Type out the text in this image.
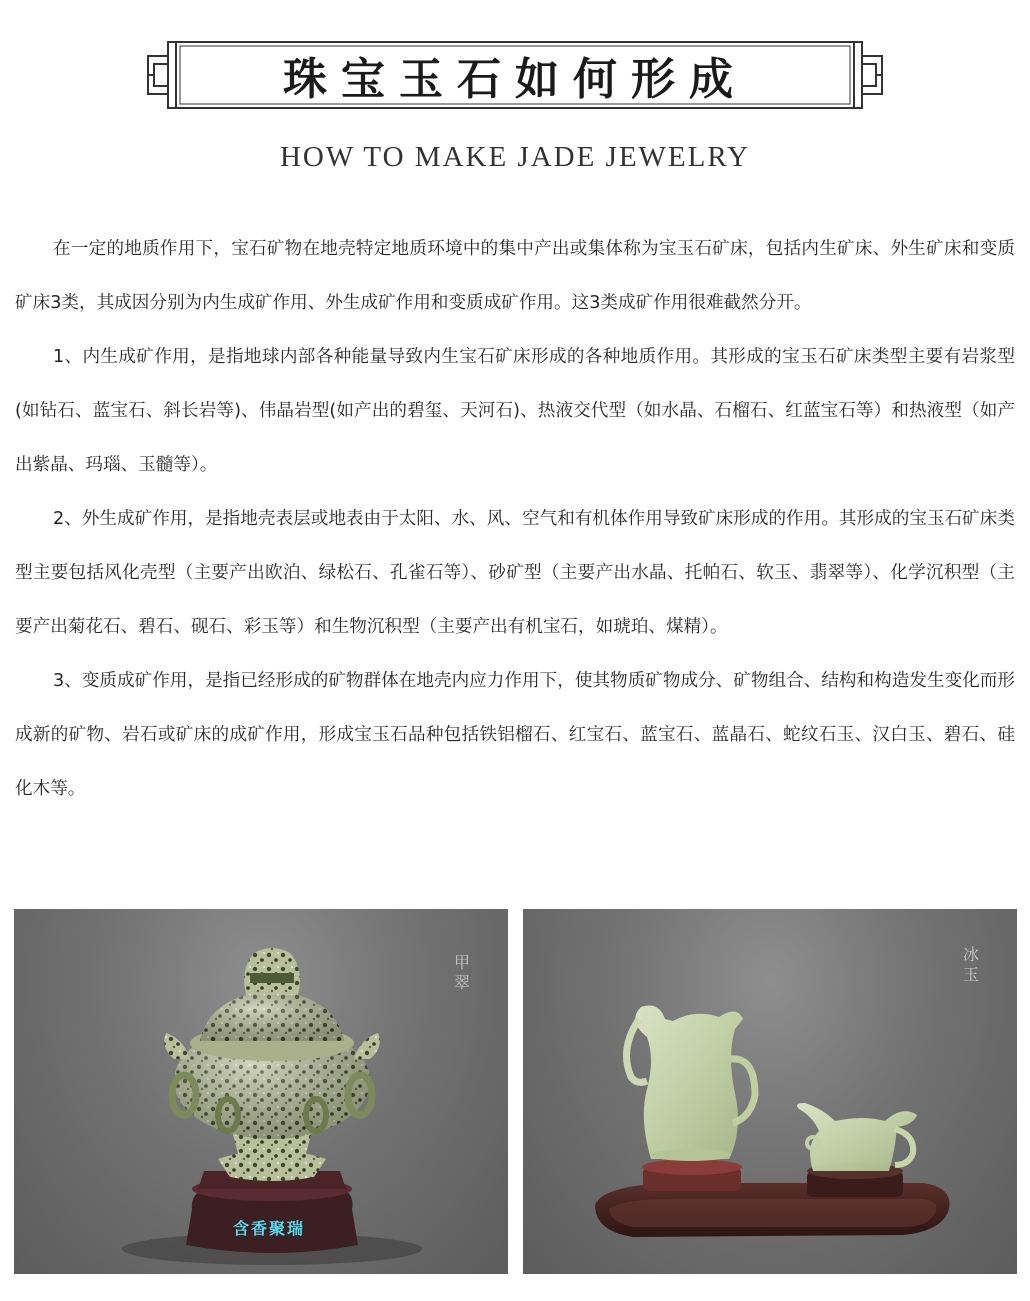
珠宝玉石如何形成
HOW TO MAKE JADE JEWELRY

在一定的地质作用下，宝石矿物在地壳特定地质环境中的集中产出或集体称为宝玉石矿床，包括内生矿床、外生矿床和变质矿床3类，其成因分别为内生成矿作用、外生成矿作用和变质成矿作用。这3类成矿作用很难截然分开。

1、内生成矿作用，是指地球内部各种能量导致内生宝石矿床形成的各种地质作用。其形成的宝玉石矿床类型主要有岩浆型(如钻石、蓝宝石、斜长岩等)、伟晶岩型(如产出的碧玺、天河石)、热液交代型（如水晶、石榴石、红蓝宝石等）和热液型（如产出紫晶、玛瑙、玉髓等）。

2、外生成矿作用，是指地壳表层或地表由于太阳、水、风、空气和有机体作用导致矿床形成的作用。其形成的宝玉石矿床类型主要包括风化壳型（主要产出欧泊、绿松石、孔雀石等）、砂矿型（主要产出水晶、托帕石、软玉、翡翠等）、化学沉积型（主要产出菊花石、碧石、砚石、彩玉等）和生物沉积型（主要产出有机宝石，如琥珀、煤精）。

3、变质成矿作用，是指已经形成的矿物群体在地壳内应力作用下，使其物质矿物成分、矿物组合、结构和构造发生变化而形成新的矿物、岩石或矿床的成矿作用，形成宝玉石品种包括铁铝榴石、红宝石、蓝宝石、蓝晶石、蛇纹石玉、汉白玉、碧石、硅化木等。

甲翠
含香聚瑞
冰玉
